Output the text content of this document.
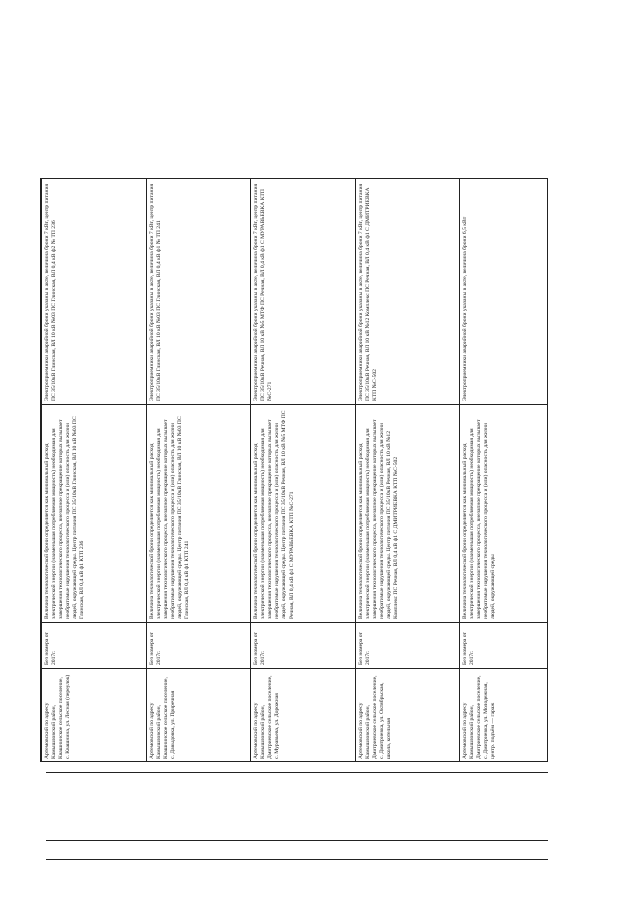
Артемовский по адресу Камышловский район, Квашнинское сельское поселение, с. Квашнина, ул. Лесная (переулок)	Без номера от 2017г.	Величина технологической брони определяется как минимальный расход электрической энергии (наименьшая потребляемая мощность) необходимая для завершения технологического процесса, внезапное прекращение которых вызывает необратимые нарушения технологического процесса и (или) опасность для жизни людей, окружающей среды. Центр питания ПС 35/10кВ Глинская, ВЛ 10 кВ №03 ПС Глинская, ВЛ 0,4 кВ ф1 КТП 236	Электроприемники аварийной брони указаны в акте, величина брони 7 кВт, центр питания ПС 35/10кВ Глинская, ВЛ 10 кВ №03 ПС Глинская, ВЛ 0,4 кВ ф2 № ТП 236
Артемовский по адресу Камышловский район, Квашнинское сельское поселение, с. Давыдовка, ул. Приречная	Без номера от 2017г.	Величина технологической брони определяется как минимальный расход электрической энергии (наименьшая потребляемая мощность) необходимая для завершения технологического процесса, внезапное прекращение которых вызывает необратимые нарушения технологического процесса и (или) опасность для жизни людей, окружающей среды. Центр питания ПС 35/10кВ Глинская, ВЛ 10 кВ №03 ПС Глинская, ВЛ 0,4 кВ ф1 КТП 241	Электроприемники аварийной брони указаны в акте, величина брони 7 кВт, центр питания ПС 35/10кВ Глинская, ВЛ 10 кВ №03 ПС Глинская, ВЛ 0,4 кВ ф1 № ТП 241
Артемовский по адресу Камышловский район, Дмитриевское сельское поселение, с. Муравьева, ул. Дорожная	Без номера от 2017г.	Величина технологической брони определяется как минимальный расход электрической энергии (наименьшая потребляемая мощность) необходимая для завершения технологического процесса, внезапное прекращение которых вызывает необратимые нарушения технологического процесса и (или) опасность для жизни людей, окружающей среды. Центр питания ПС 35/10кВ Речная, ВЛ 10 кВ №5 МТФ ПС Речная, ВЛ 0,4 кВ ф1 С МУРАВЬЕВКА КТП №С-271	Электроприемники аварийной брони указаны в акте, величина брони 7 кВт, центр питания ПС 35/10кВ Речная, ВЛ 10 кВ №5 МТФ ПС Речная, ВЛ 0,4 кВ ф1 С МУРАВЬЕВКА КТП №С-271
Артемовский по адресу Камышловский район, Дмитриевское сельское поселение, с. Дмитриевка, ул. Октябрьская, школа, котельная	Без номера от 2017г.	Величина технологической брони определяется как минимальный расход электрической энергии (наименьшая потребляемая мощность) необходимая для завершения технологического процесса, внезапное прекращение которых вызывает необратимые нарушения технологического процесса и (или) опасность для жизни людей, окружающей среды. Центр питания ПС 35/10кВ Речная, ВЛ 10 кВ №12 Комплекс ПС Речная, ВЛ 0,4 кВ ф1 С ДМИТРИЕВКА КТП №С-502	Электроприемники аварийной брони указаны в акте, величина брони 7 кВт, центр питания ПС 35/10кВ Речная, ВЛ 10 кВ №12 Комплекс ПС Речная, ВЛ 0,4 кВ ф1 С ДМИТРИЕВКА КТП №С-502
Артемовский по адресу Камышловский район, Дмитриевское сельское поселение, с. Дмитриевка, ул. Молодежная, центр. подъём — гараж	Без номера от 2017г.	Величина технологической брони определяется как минимальный расход электрической энергии (наименьшая потребляемая мощность) необходимая для завершения технологического процесса, внезапное прекращение которых вызывает необратимые нарушения технологического процесса и (или) опасность для жизни людей, окружающей среды	Электроприемники аварийной брони указаны в акте, величина брони 6,5 кВт
